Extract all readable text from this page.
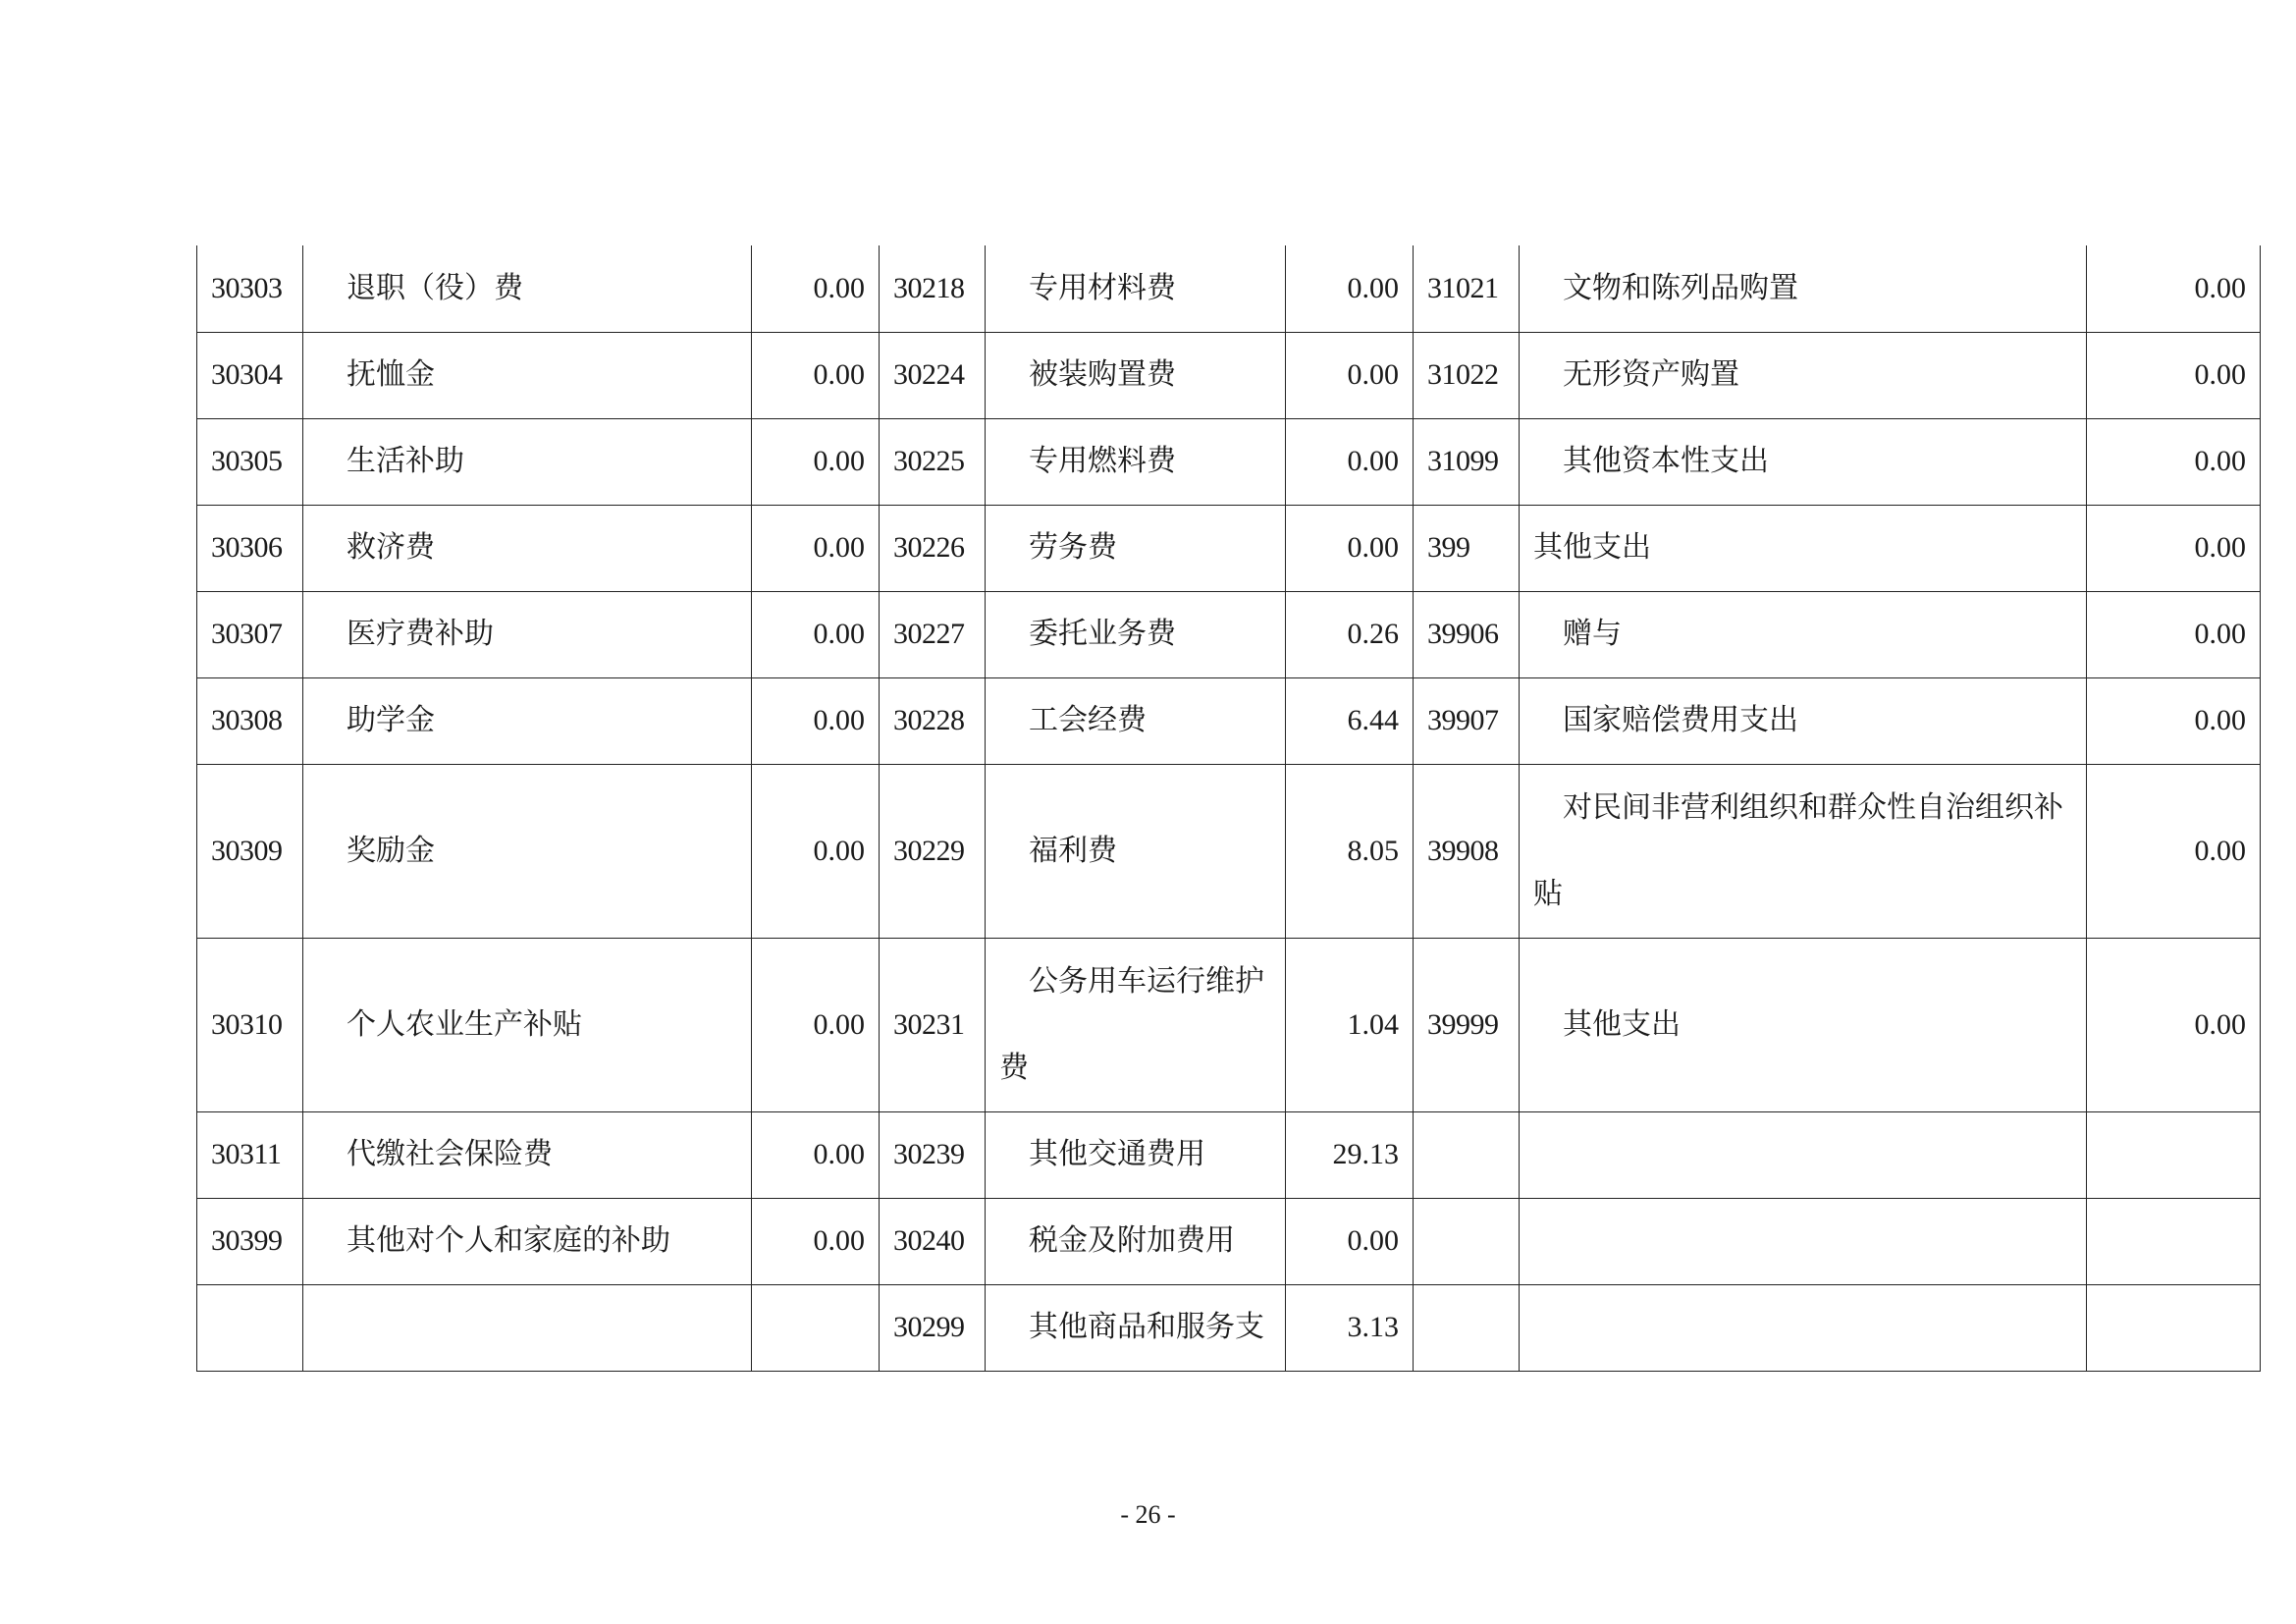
30303	退职（役）费	0.00	30218	专用材料费	0.00	31021	文物和陈列品购置	0.00
30304	抚恤金	0.00	30224	被装购置费	0.00	31022	无形资产购置	0.00
30305	生活补助	0.00	30225	专用燃料费	0.00	31099	其他资本性支出	0.00
30306	救济费	0.00	30226	劳务费	0.00	399	其他支出	0.00
30307	医疗费补助	0.00	30227	委托业务费	0.26	39906	赠与	0.00
30308	助学金	0.00	30228	工会经费	6.44	39907	国家赔偿费用支出	0.00
30309	奖励金	0.00	30229	福利费	8.05	39908	对民间非营利组织和群众性自治组织补贴	0.00
30310	个人农业生产补贴	0.00	30231	公务用车运行维护费	1.04	39999	其他支出	0.00
30311	代缴社会保险费	0.00	30239	其他交通费用	29.13			
30399	其他对个人和家庭的补助	0.00	30240	税金及附加费用	0.00			
			30299	其他商品和服务支	3.13			
- 26 -
